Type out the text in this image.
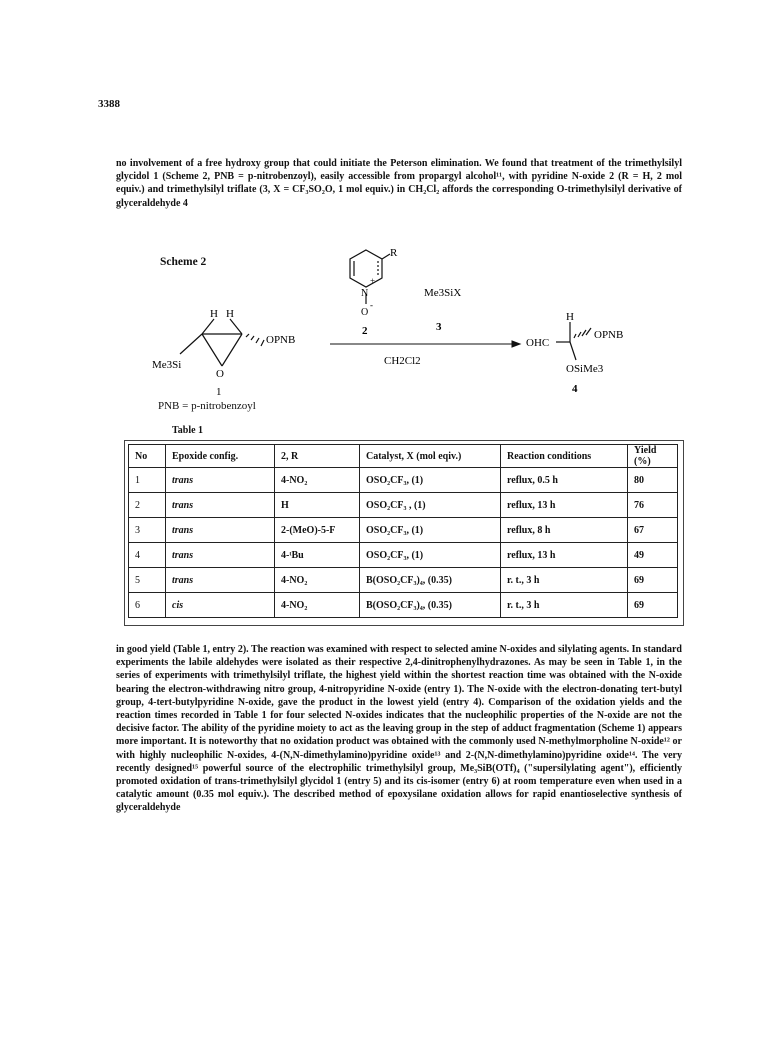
3388

no involvement of a free hydroxy group that could initiate the Peterson elimination. We found that treatment of the trimethylsilyl glycidol 1 (Scheme 2, PNB = p-nitrobenzoyl), easily accessible from propargyl alcohol¹¹, with pyridine N-oxide 2 (R = H, 2 mol equiv.) and trimethylsilyl triflate (3, X = CF₃SO₂O, 1 mol equiv.) in CH₂Cl₂ affords the corresponding O-trimethylsilyl derivative of glyceraldehyde 4

Scheme 2
H H
O
OPNB
Me3Si
1
R
N
+
O
-
2
Me3SiX
3
CH2Cl2
H
OHC
OPNB
OSiMe3
4
PNB = p-nitrobenzoyl
Table 1
No	Epoxide config.	2, R	Catalyst, X (mol eqiv.)	Reaction conditions	Yield (%)
1	trans	4-NO₂	OSO₂CF₃, (1)	reflux, 0.5 h	80
2	trans	H	OSO₂CF₃ , (1)	reflux, 13 h	76
3	trans	2-(MeO)-5-F	OSO₂CF₃, (1)	reflux, 8 h	67
4	trans	4-ᵗBu	OSO₂CF₃, (1)	reflux, 13 h	49
5	trans	4-NO₂	B(OSO₂CF₃)₄, (0.35)	r. t., 3 h	69
6	cis	4-NO₂	B(OSO₂CF₃)₄, (0.35)	r. t., 3 h	69

in good yield (Table 1, entry 2). The reaction was examined with respect to selected amine N-oxides and silylating agents. In standard experiments the labile aldehydes were isolated as their respective 2,4-dinitrophenylhydrazones. As may be seen in Table 1, in the series of experiments with trimethylsilyl triflate, the highest yield within the shortest reaction time was obtained with the N-oxide bearing the electron-withdrawing nitro group, 4-nitropyridine N-oxide (entry 1). The N-oxide with the electron-donating tert-butyl group, 4-tert-butylpyridine N-oxide, gave the product in the lowest yield (entry 4). Comparison of the oxidation yields and the reaction times recorded in Table 1 for four selected N-oxides indicates that the nucleophilic properties of the N-oxide are not the decisive factor. The ability of the pyridine moiety to act as the leaving group in the step of adduct fragmentation (Scheme 1) appears more important. It is noteworthy that no oxidation product was obtained with the commonly used N-methylmorpholine N-oxide¹² or with highly nucleophilic N-oxides, 4-(N,N-dimethylamino)pyridine oxide¹³ and 2-(N,N-dimethylamino)pyridine oxide¹⁴. The very recently designed¹⁵ powerful source of the electrophilic trimethylsilyl group, Me₃SiB(OTf)₄ ("supersilylating agent"), efficiently promoted oxidation of trans-trimethylsilyl glycidol 1 (entry 5) and its cis-isomer (entry 6) at room temperature even when used in a catalytic amount (0.35 mol equiv.). The described method of epoxysilane oxidation allows for rapid enantioselective synthesis of glyceraldehyde
